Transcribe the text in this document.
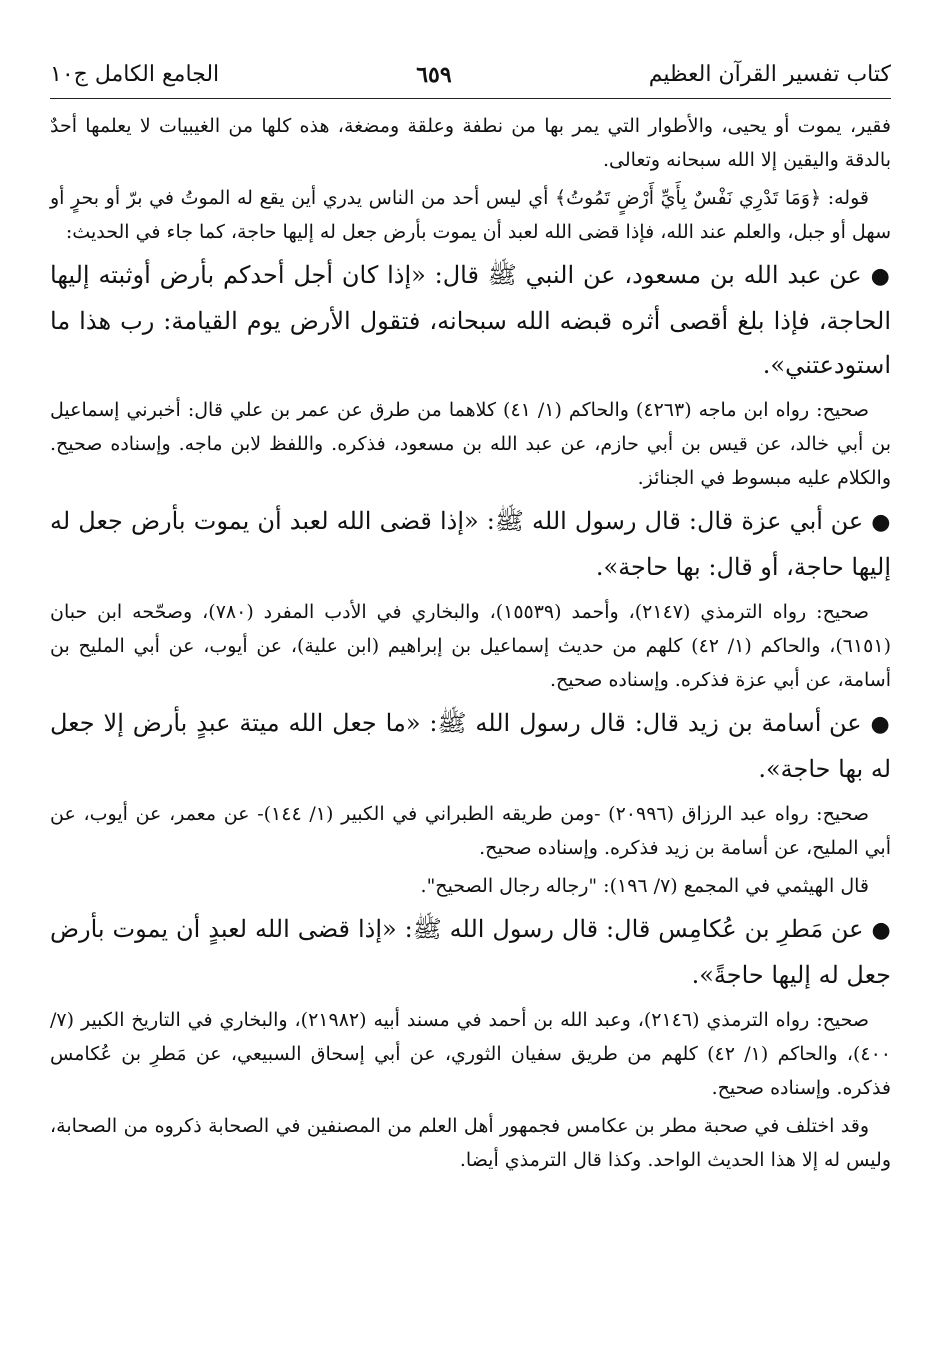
كتاب تفسير القرآن العظيم
٦٥٩
الجامع الكامل ج١٠

فقير، يموت أو يحيى، والأطوار التي يمر بها من نطفة وعلقة ومضغة، هذه كلها من الغيبيات لا يعلمها أحدٌ بالدقة واليقين إلا الله سبحانه وتعالى.

قوله: ﴿وَمَا تَدْرِي نَفْسٌ بِأَيِّ أَرْضٍ تَمُوتُ﴾ أي ليس أحد من الناس يدري أين يقع له الموتُ في برّ أو بحرٍ أو سهل أو جبل، والعلم عند الله، فإذا قضى الله لعبد أن يموت بأرض جعل له إليها حاجة، كما جاء في الحديث:

● عن عبد الله بن مسعود، عن النبي ﷺ قال: «إذا كان أجل أحدكم بأرض أوثبته إليها الحاجة، فإذا بلغ أقصى أثره قبضه الله سبحانه، فتقول الأرض يوم القيامة: رب هذا ما استودعتني».

صحيح: رواه ابن ماجه (٤٢٦٣) والحاكم (١/ ٤١) كلاهما من طرق عن عمر بن علي قال: أخبرني إسماعيل بن أبي خالد، عن قيس بن أبي حازم، عن عبد الله بن مسعود، فذكره. واللفظ لابن ماجه. وإسناده صحيح. والكلام عليه مبسوط في الجنائز.

● عن أبي عزة قال: قال رسول الله ﷺ: «إذا قضى الله لعبد أن يموت بأرض جعل له إليها حاجة، أو قال: بها حاجة».

صحيح: رواه الترمذي (٢١٤٧)، وأحمد (١٥٥٣٩)، والبخاري في الأدب المفرد (٧٨٠)، وصحّحه ابن حبان (٦١٥١)، والحاكم (١/ ٤٢) كلهم من حديث إسماعيل بن إبراهيم (ابن علية)، عن أيوب، عن أبي المليح بن أسامة، عن أبي عزة فذكره. وإسناده صحيح.

● عن أسامة بن زيد قال: قال رسول الله ﷺ: «ما جعل الله ميتة عبدٍ بأرض إلا جعل له بها حاجة».

صحيح: رواه عبد الرزاق (٢٠٩٩٦) -ومن طريقه الطبراني في الكبير (١/ ١٤٤)- عن معمر، عن أيوب، عن أبي المليح، عن أسامة بن زيد فذكره. وإسناده صحيح.

قال الهيثمي في المجمع (٧/ ١٩٦): "رجاله رجال الصحيح".

● عن مَطرِ بن عُكامِس قال: قال رسول الله ﷺ: «إذا قضى الله لعبدٍ أن يموت بأرض جعل له إليها حاجةً».

صحيح: رواه الترمذي (٢١٤٦)، وعبد الله بن أحمد في مسند أبيه (٢١٩٨٢)، والبخاري في التاريخ الكبير (٧/ ٤٠٠)، والحاكم (١/ ٤٢) كلهم من طريق سفيان الثوري، عن أبي إسحاق السبيعي، عن مَطرِ بن عُكامس فذكره. وإسناده صحيح.

وقد اختلف في صحبة مطر بن عكامس فجمهور أهل العلم من المصنفين في الصحابة ذكروه من الصحابة، وليس له إلا هذا الحديث الواحد. وكذا قال الترمذي أيضا.
